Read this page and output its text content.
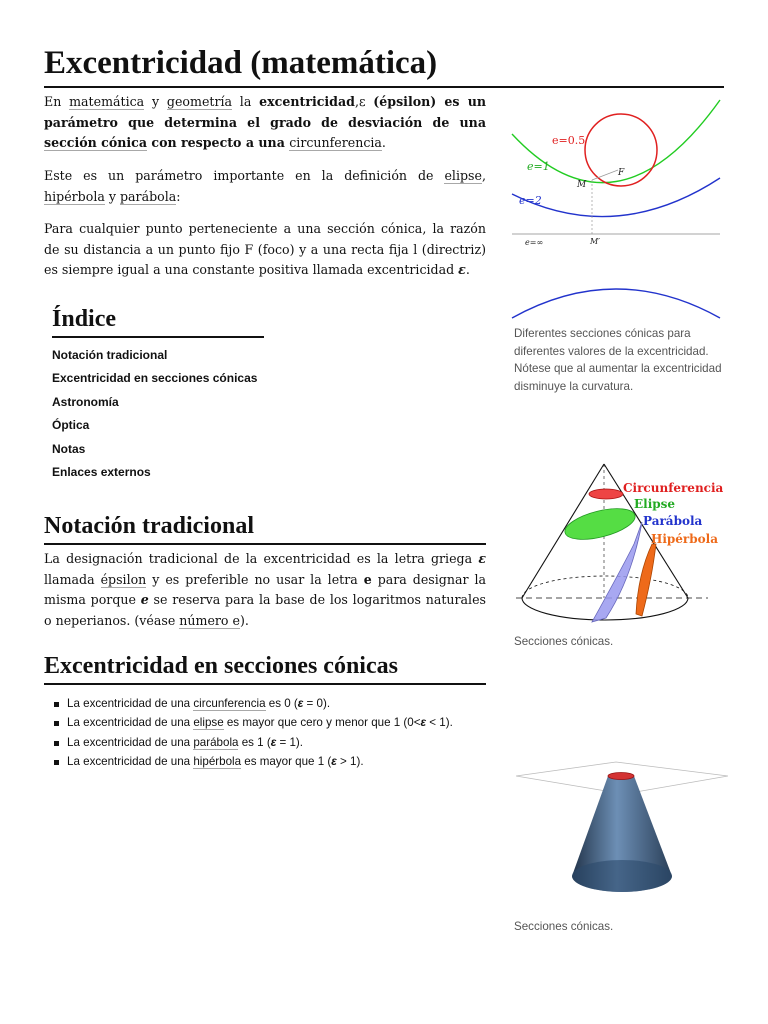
Excentricidad (matemática)

En matemática y geometría la excentricidad,ε (épsilon) es un parámetro que determina el grado de desviación de una sección cónica con respecto a una circunferencia.

Este es un parámetro importante en la definición de elipse, hipérbola y parábola:

Para cualquier punto perteneciente a una sección cónica, la razón de su distancia a un punto fijo F (foco) y a una recta fija l (directriz) es siempre igual a una constante positiva llamada excentricidad ε.

Índice
Notación tradicional
Excentricidad en secciones cónicas
Astronomía
Óptica
Notas
Enlaces externos
Notación tradicional

La designación tradicional de la excentricidad es la letra griega ε llamada épsilon y es preferible no usar la letra e para designar la misma porque e se reserva para la base de los logaritmos naturales o neperianos. (véase número e).

Excentricidad en secciones cónicas
La excentricidad de una circunferencia es 0 (ε = 0).
La excentricidad de una elipse es mayor que cero y menor que 1 (0<ε < 1).
La excentricidad de una parábola es 1 (ε = 1).
La excentricidad de una hipérbola es mayor que 1 (ε > 1).
e=0.5
e=1
e=2
e=∞
F
M
M′

Diferentes secciones cónicas para diferentes valores de la excentricidad. Nótese que al aumentar la excentricidad disminuye la curvatura.

Circunferencia
Elipse
Parábola
Hipérbola

Secciones cónicas.

Secciones cónicas.
